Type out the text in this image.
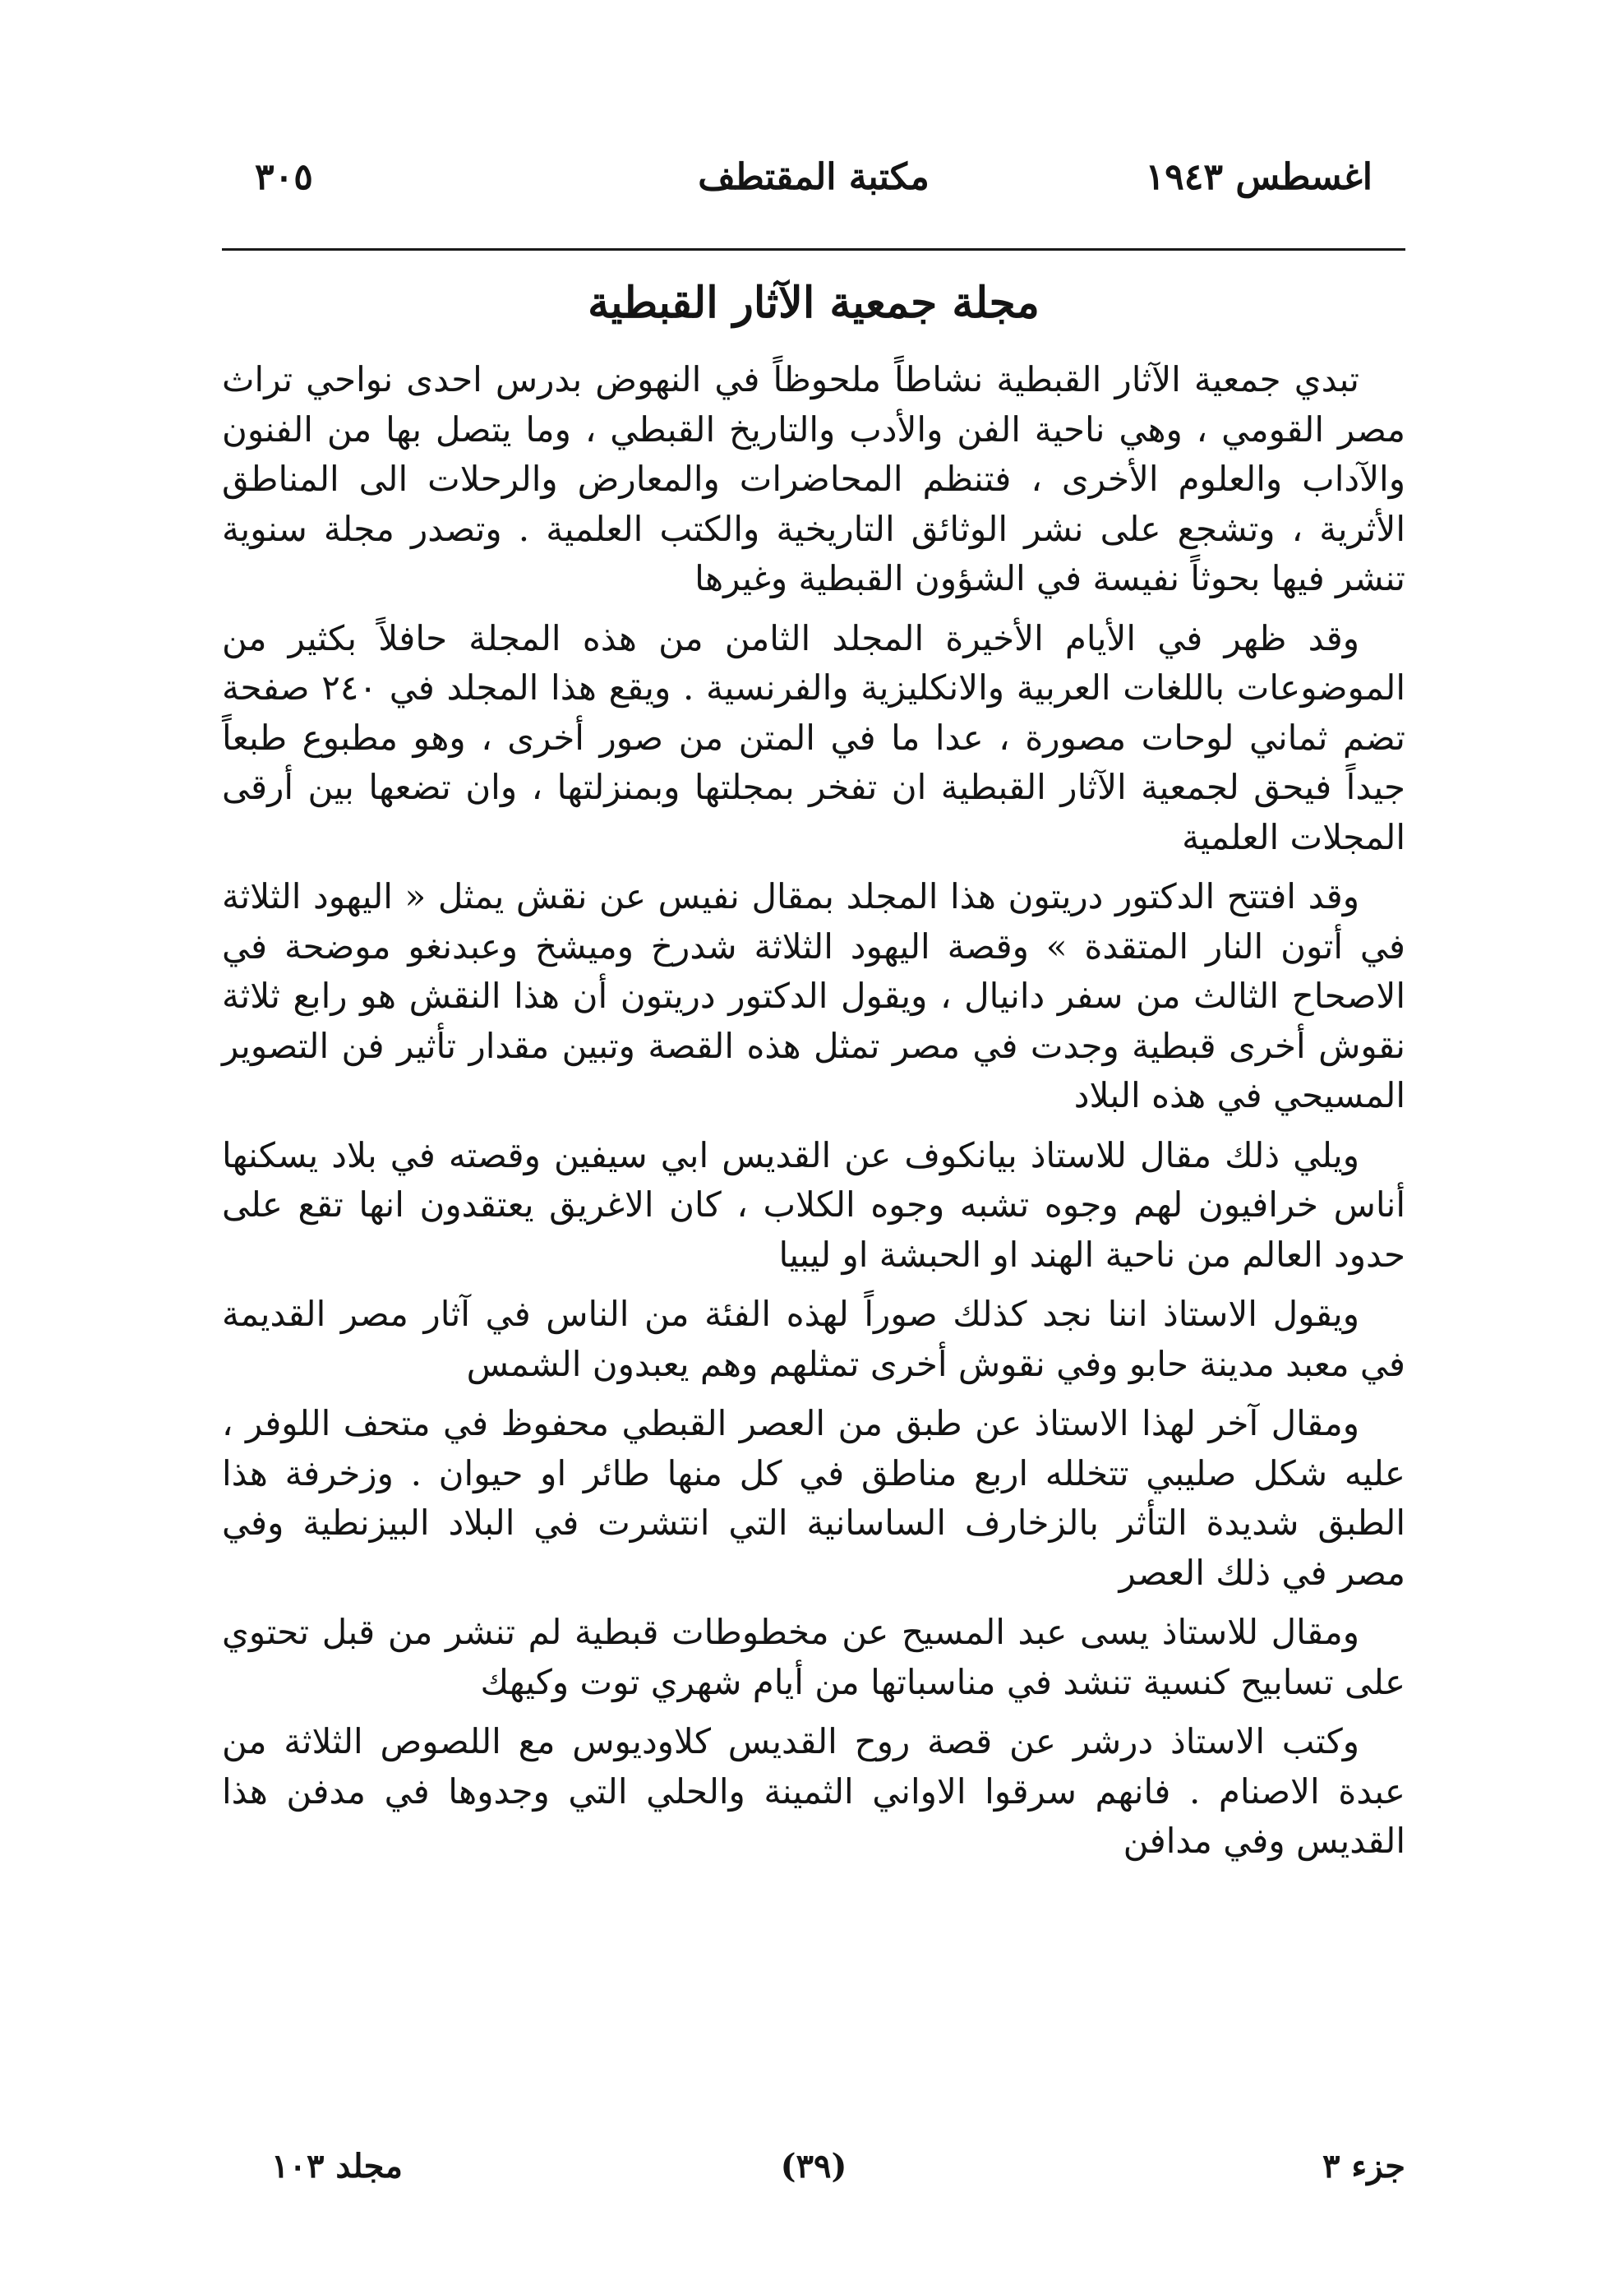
اغسطس ١٩٤٣
مكتبة المقتطف
٣٠٥
مجلة جمعية الآثار القبطية

تبدي جمعية الآثار القبطية نشاطاً ملحوظاً في النهوض بدرس احدى نواحي تراث مصر القومي ، وهي ناحية الفن والأدب والتاريخ القبطي ، وما يتصل بها من الفنون والآداب والعلوم الأخرى ، فتنظم المحاضرات والمعارض والرحلات الى المناطق الأثرية ، وتشجع على نشر الوثائق التاريخية والكتب العلمية . وتصدر مجلة سنوية تنشر فيها بحوثاً نفيسة في الشؤون القبطية وغيرها

وقد ظهر في الأيام الأخيرة المجلد الثامن من هذه المجلة حافلاً بكثير من الموضوعات باللغات العربية والانكليزية والفرنسية . ويقع هذا المجلد في ٢٤٠ صفحة تضم ثماني لوحات مصورة ، عدا ما في المتن من صور أخرى ، وهو مطبوع طبعاً جيداً فيحق لجمعية الآثار القبطية ان تفخر بمجلتها وبمنزلتها ، وان تضعها بين أرقى المجلات العلمية

وقد افتتح الدكتور دريتون هذا المجلد بمقال نفيس عن نقش يمثل « اليهود الثلاثة في أتون النار المتقدة » وقصة اليهود الثلاثة شدرخ وميشخ وعبدنغو موضحة في الاصحاح الثالث من سفر دانيال ، ويقول الدكتور دريتون أن هذا النقش هو رابع ثلاثة نقوش أخرى قبطية وجدت في مصر تمثل هذه القصة وتبين مقدار تأثير فن التصوير المسيحي في هذه البلاد

ويلي ذلك مقال للاستاذ بيانكوف عن القديس ابي سيفين وقصته في بلاد يسكنها أناس خرافيون لهم وجوه تشبه وجوه الكلاب ، كان الاغريق يعتقدون انها تقع على حدود العالم من ناحية الهند او الحبشة او ليبيا

ويقول الاستاذ اننا نجد كذلك صوراً لهذه الفئة من الناس في آثار مصر القديمة في معبد مدينة حابو وفي نقوش أخرى تمثلهم وهم يعبدون الشمس

ومقال آخر لهذا الاستاذ عن طبق من العصر القبطي محفوظ في متحف اللوفر ، عليه شكل صليبي تتخلله اربع مناطق في كل منها طائر او حيوان . وزخرفة هذا الطبق شديدة التأثر بالزخارف الساسانية التي انتشرت في البلاد البيزنطية وفي مصر في ذلك العصر

ومقال للاستاذ يسى عبد المسيح عن مخطوطات قبطية لم تنشر من قبل تحتوي على تسابيح كنسية تنشد في مناسباتها من أيام شهري توت وكيهك

وكتب الاستاذ درشر عن قصة روح القديس كلاوديوس مع اللصوص الثلاثة من عبدة الاصنام . فانهم سرقوا الاواني الثمينة والحلي التي وجدوها في مدفن هذا القديس وفي مدافن

جزء ٣
(٣٩)
مجلد ١٠٣
